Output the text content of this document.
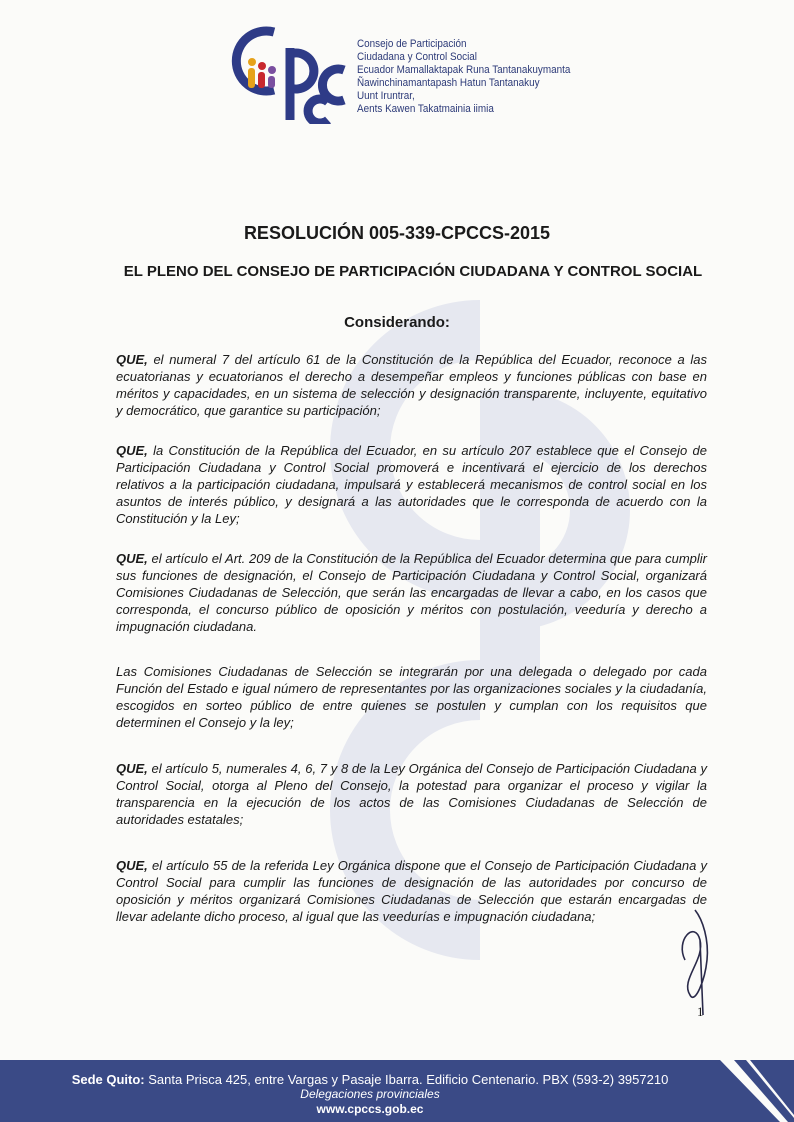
Consejo de Participación
Ciudadana y Control Social
Ecuador Mamallaktapak Runa Tantanakuymanta
Ñawinchinamantapash Hatun Tantanakuy
Uunt Iruntrar,
Aents Kawen Takatmainia iimia
RESOLUCIÓN 005-339-CPCCS-2015
EL PLENO DEL CONSEJO DE PARTICIPACIÓN CIUDADANA Y CONTROL SOCIAL
Considerando:
QUE, el numeral 7 del artículo 61 de la Constitución de la República del Ecuador, reconoce a las ecuatorianas y ecuatorianos el derecho a desempeñar empleos y funciones públicas con base en méritos y capacidades, en un sistema de selección y designación transparente, incluyente, equitativo y democrático, que garantice su participación;
QUE, la Constitución de la República del Ecuador, en su artículo 207 establece que el Consejo de Participación Ciudadana y Control Social promoverá e incentivará el ejercicio de los derechos relativos a la participación ciudadana, impulsará y establecerá mecanismos de control social en los asuntos de interés público, y designará a las autoridades que le corresponda de acuerdo con la Constitución y la Ley;
QUE, el artículo el Art. 209 de la Constitución de la República del Ecuador determina que para cumplir sus funciones de designación, el Consejo de Participación Ciudadana y Control Social, organizará Comisiones Ciudadanas de Selección, que serán las encargadas de llevar a cabo, en los casos que corresponda, el concurso público de oposición y méritos con postulación, veeduría y derecho a impugnación ciudadana.
Las Comisiones Ciudadanas de Selección se integrarán por una delegada o delegado por cada Función del Estado e igual número de representantes por las organizaciones sociales y la ciudadanía, escogidos en sorteo público de entre quienes se postulen y cumplan con los requisitos que determinen el Consejo y la ley;
QUE, el artículo 5, numerales 4, 6, 7 y 8 de la Ley Orgánica del Consejo de Participación Ciudadana y Control Social, otorga al Pleno del Consejo, la potestad para organizar el proceso y vigilar la transparencia en la ejecución de los actos de las Comisiones Ciudadanas de Selección de autoridades estatales;
QUE, el artículo 55 de la referida Ley Orgánica dispone que el Consejo de Participación Ciudadana y Control Social para cumplir las funciones de designación de las autoridades por concurso de oposición y méritos organizará Comisiones Ciudadanas de Selección que estarán encargadas de llevar adelante dicho proceso, al igual que las veedurías e impugnación ciudadana;
1
Sede Quito: Santa Prisca 425, entre Vargas y Pasaje Ibarra. Edificio Centenario. PBX (593-2) 3957210
Delegaciones provinciales
www.cpccs.gob.ec
